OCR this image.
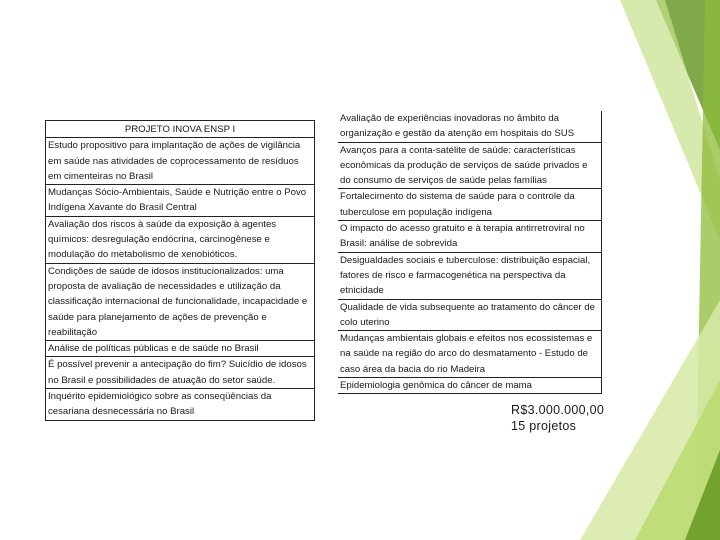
PROJETO INOVA ENSP I
Estudo propositivo para implantação de ações de vigilância em saúde nas atividades de coprocessamento de resíduos em cimenteiras no Brasil
Mudanças Sócio-Ambientais, Saúde e Nutrição entre o Povo Indígena Xavante do Brasil Central
Avaliação dos riscos à saúde da exposição à agentes químicos: desregulação endócrina, carcinogênese e modulação do metabolismo de xenobióticos.
Condições de saúde de idosos institucionalizados: uma proposta de avaliação de necessidades e utilização da classificação internacional de funcionalidade, incapacidade e saúde para planejamento de ações de prevenção e reabilitação
Análise de políticas públicas e de saúde no Brasil
É possível prevenir a antecipação do fim? Suicídio de idosos no Brasil e possibilidades de atuação do setor saúde.
Inquérito epidemiológico sobre as conseqüências da cesariana desnecessária no Brasil
Avaliação de experiências inovadoras no âmbito da organização e gestão da atenção em hospitais do SUS
Avanços para a conta-satélite de saúde: características econômicas da produção de serviços de saúde privados e do consumo de serviços de saúde pelas famílias
Fortalecimento do sistema de saúde para o controle da tuberculose em população indígena
O impacto do acesso gratuito e à terapia antirretroviral no Brasil: análise de sobrevida
Desigualdades sociais e tuberculose: distribuição espacial, fatores de risco e farmacogenética na perspectiva da etnicidade
Qualidade de vida subsequente ao tratamento do câncer de colo uterino
Mudanças ambientais globais e efeitos nos ecossistemas e na saúde na região do arco do desmatamento - Estudo de caso área da bacia do rio Madeira
Epidemiologia genômica do câncer de mama
R$3.000.000,00
15 projetos
